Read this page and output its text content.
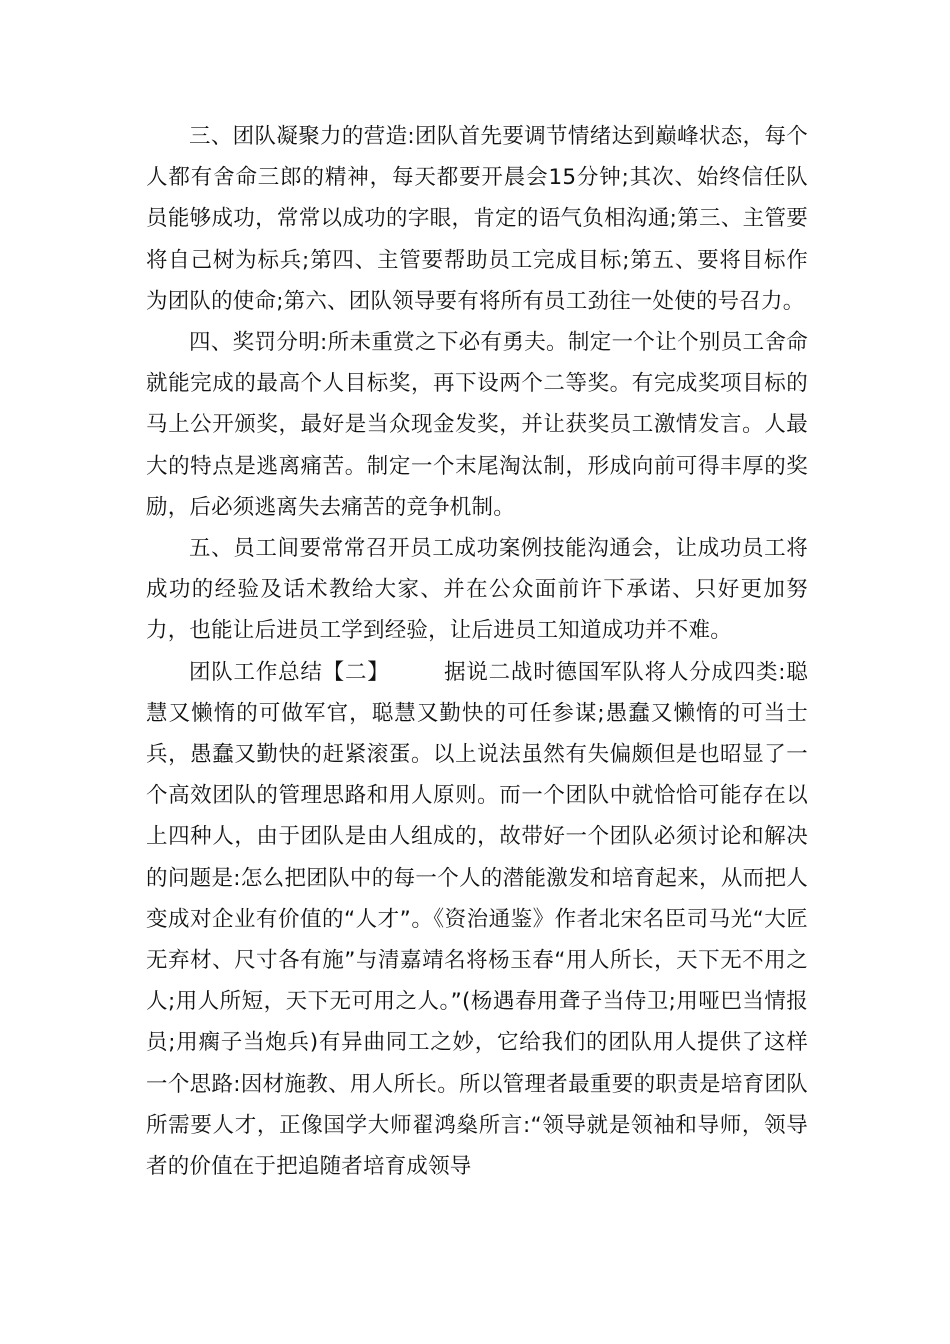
三、团队凝聚力的营造:团队首先要调节情绪达到巅峰状态，每个人都有舍命三郎的精神，每天都要开晨会15分钟;其次、始终信任队员能够成功，常常以成功的字眼，肯定的语气负相沟通;第三、主管要将自己树为标兵;第四、主管要帮助员工完成目标;第五、要将目标作为团队的使命;第六、团队领导要有将所有员工劲往一处使的号召力。

四、奖罚分明:所未重赏之下必有勇夫。制定一个让个别员工舍命就能完成的最高个人目标奖，再下设两个二等奖。有完成奖项目标的马上公开颁奖，最好是当众现金发奖，并让获奖员工激情发言。人最大的特点是逃离痛苦。制定一个末尾淘汰制，形成向前可得丰厚的奖励，后必须逃离失去痛苦的竞争机制。

五、员工间要常常召开员工成功案例技能沟通会，让成功员工将成功的经验及话术教给大家、并在公众面前许下承诺、只好更加努力，也能让后进员工学到经验，让后进员工知道成功并不难。

团队工作总结【二】	据说二战时德国军队将人分成四类:聪慧又懒惰的可做军官，聪慧又勤快的可任参谋;愚蠢又懒惰的可当士兵，愚蠢又勤快的赶紧滚蛋。以上说法虽然有失偏颇但是也昭显了一个高效团队的管理思路和用人原则。而一个团队中就恰恰可能存在以上四种人，由于团队是由人组成的，故带好一个团队必须讨论和解决的问题是:怎么把团队中的每一个人的潜能激发和培育起来，从而把人变成对企业有价值的“人才”。《资治通鉴》作者北宋名臣司马光“大匠无弃材、尺寸各有施”与清嘉靖名将杨玉春“用人所长，天下无不用之人;用人所短，天下无可用之人。”(杨遇春用聋子当侍卫;用哑巴当情报员;用瘸子当炮兵)有异曲同工之妙，它给我们的团队用人提供了这样一个思路:因材施教、用人所长。所以管理者最重要的职责是培育团队所需要人才，正像国学大师翟鸿燊所言:“领导就是领袖和导师，领导者的价值在于把追随者培育成领导
